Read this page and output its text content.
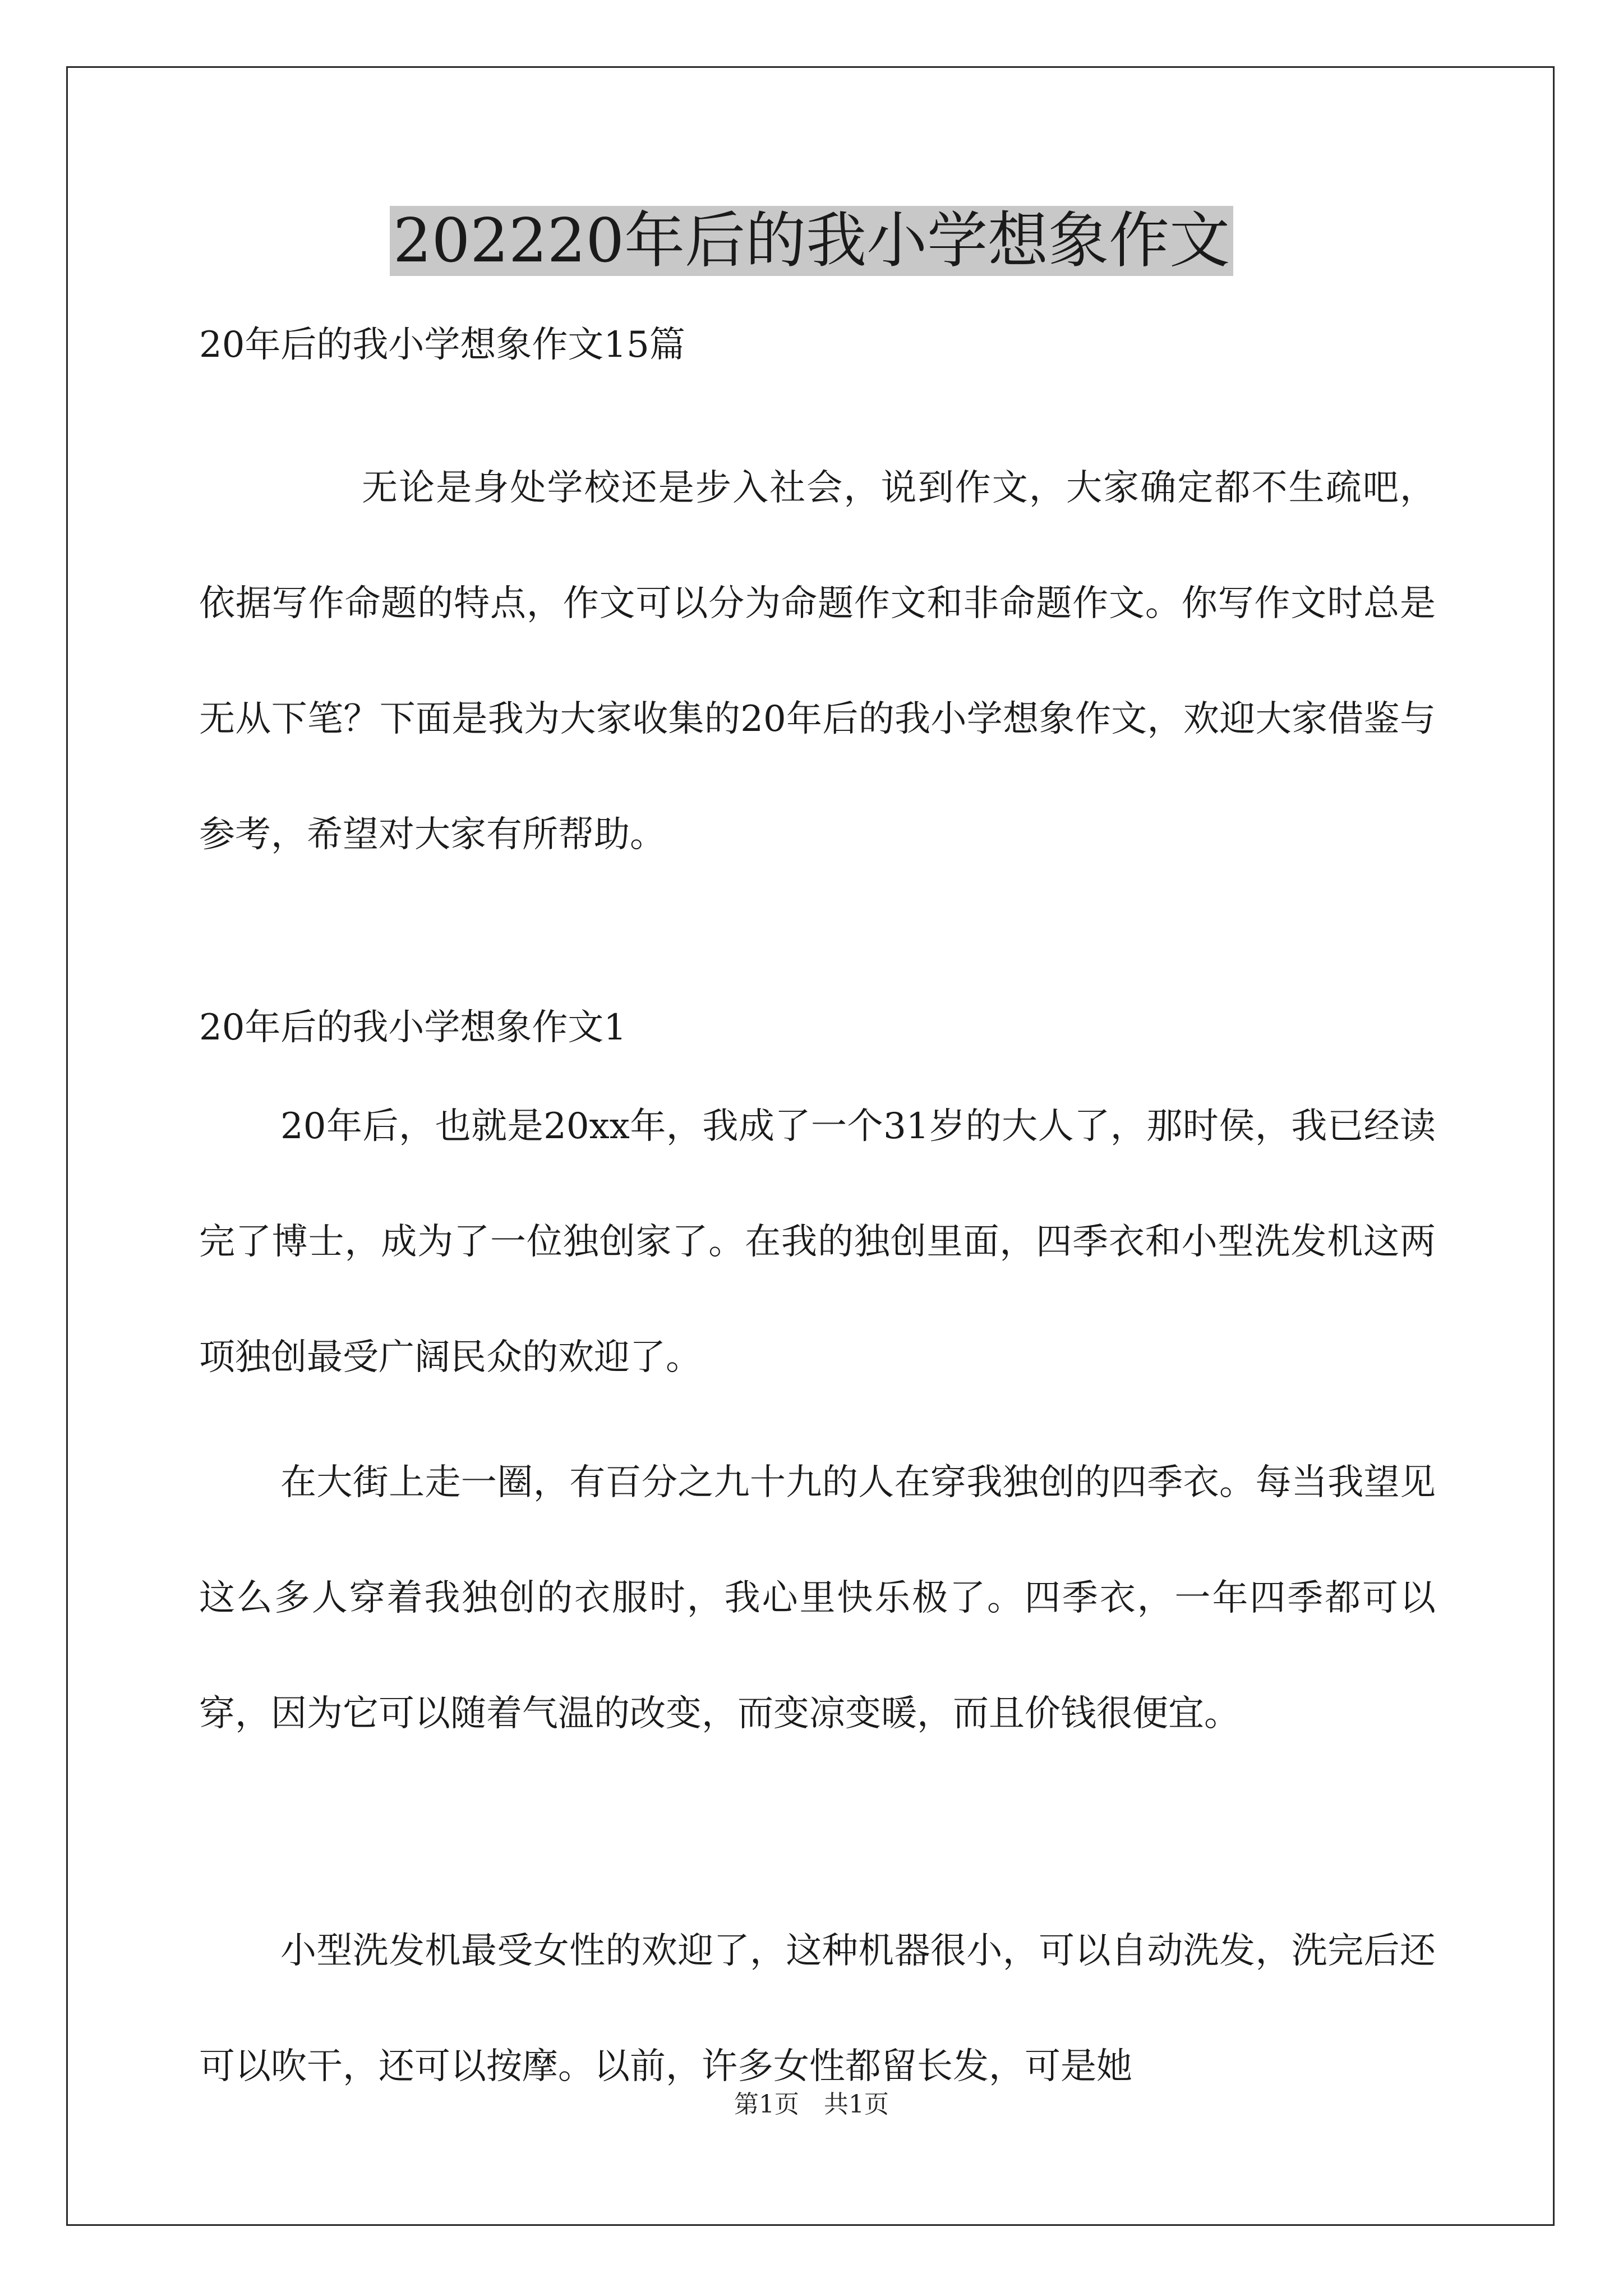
202220年后的我小学想象作文

20年后的我小学想象作文15篇

无论是身处学校还是步入社会，说到作文，大家确定都不生疏吧，依据写作命题的特点，作文可以分为命题作文和非命题作文。你写作文时总是无从下笔？下面是我为大家收集的20年后的我小学想象作文，欢迎大家借鉴与参考，希望对大家有所帮助。

20年后的我小学想象作文1

20年后，也就是20xx年，我成了一个31岁的大人了，那时侯，我已经读完了博士，成为了一位独创家了。在我的独创里面，四季衣和小型洗发机这两项独创最受广阔民众的欢迎了。

在大街上走一圈，有百分之九十九的人在穿我独创的四季衣。每当我望见这么多人穿着我独创的衣服时，我心里快乐极了。四季衣，一年四季都可以穿，因为它可以随着气温的改变，而变凉变暖，而且价钱很便宜。

小型洗发机最受女性的欢迎了，这种机器很小，可以自动洗发，洗完后还可以吹干，还可以按摩。以前，许多女性都留长发，可是她

第1页　共1页
